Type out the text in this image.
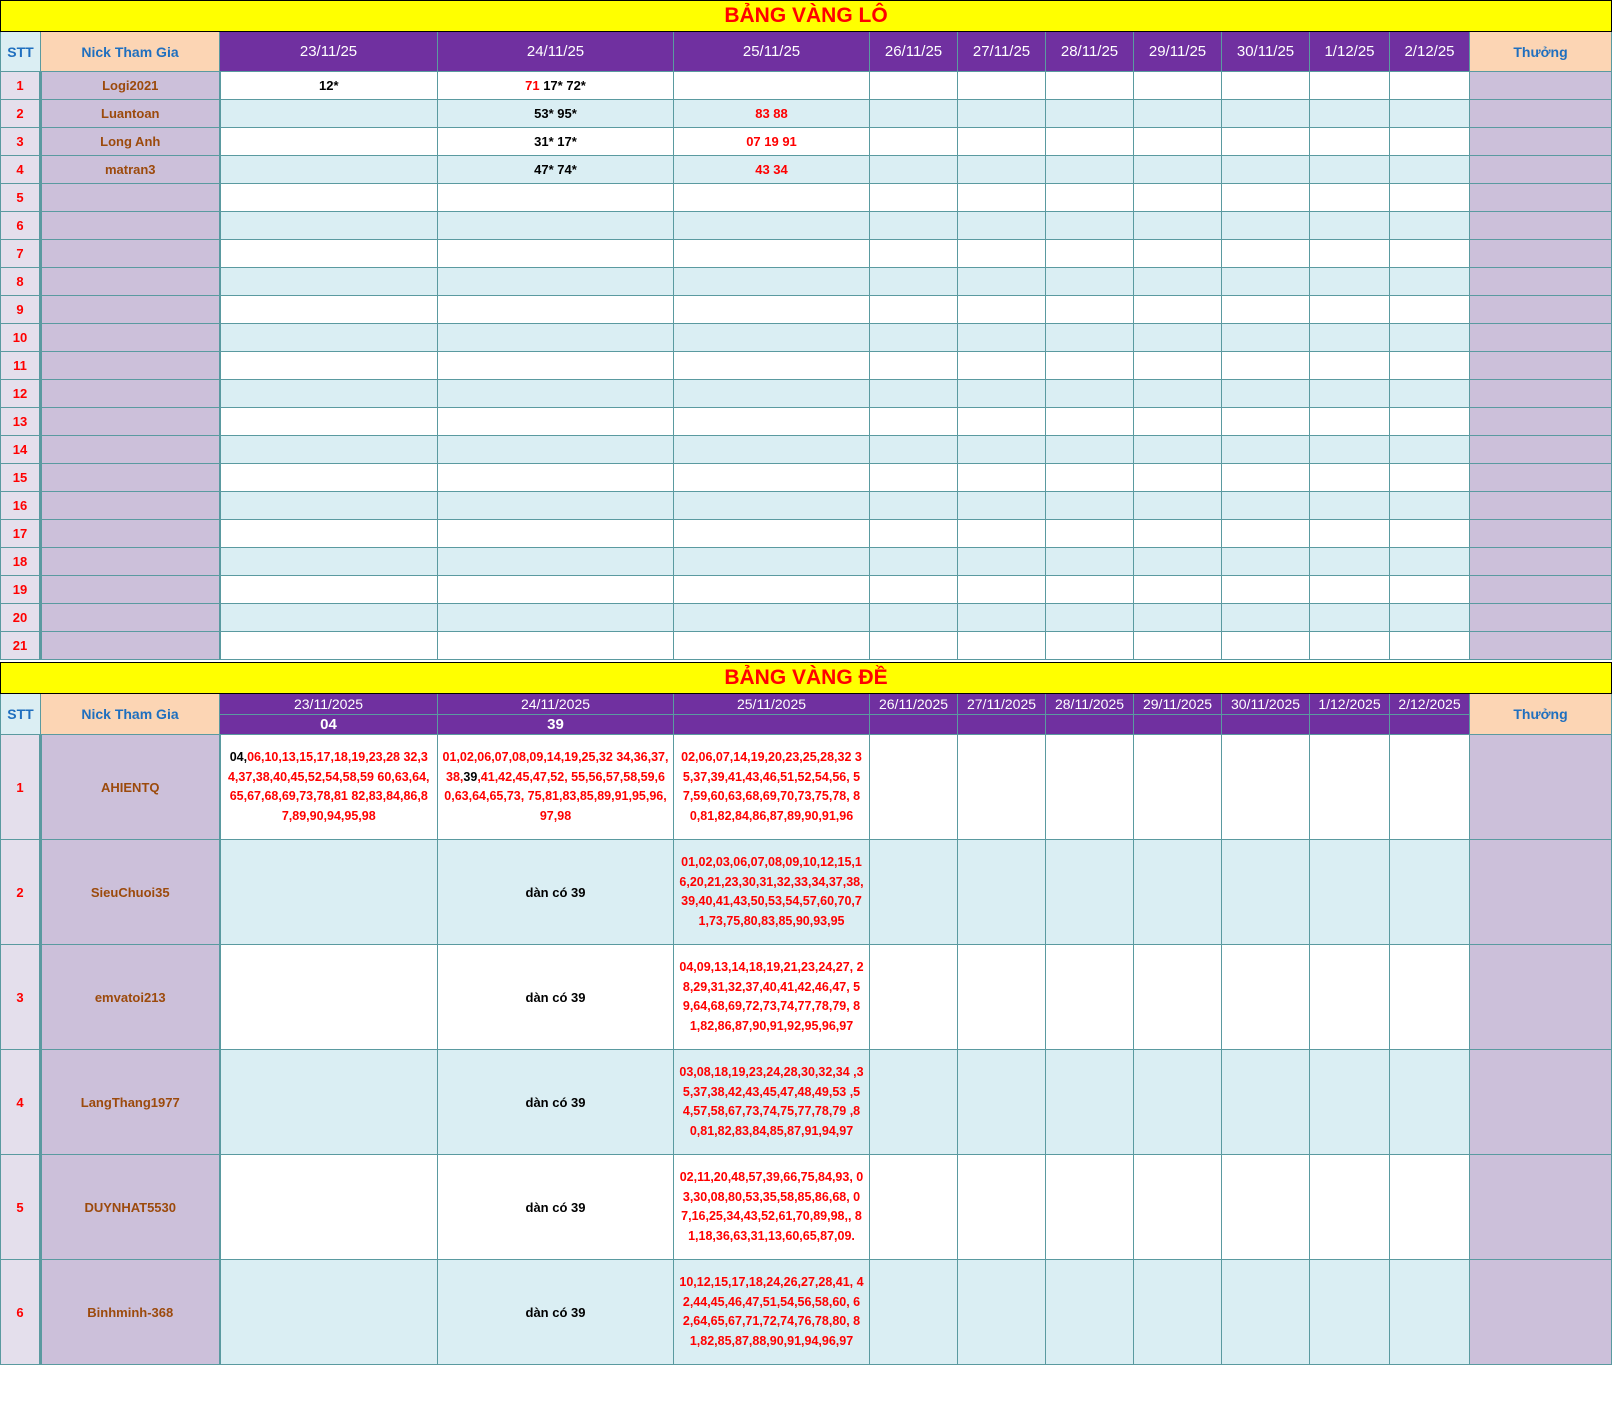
BẢNG VÀNG LÔ												
STT	Nick Tham Gia	23/11/25	24/11/25	25/11/25	26/11/25	27/11/25	28/11/25	29/11/25	30/11/25	1/12/25	2/12/25	Thưởng
1	Logi2021	12*	71 17* 72*									
2	Luantoan		53* 95*	83 88								
3	Long Anh		31* 17*	07 19 91								
4	matran3		47* 74*	43 34								
5												
6												
7												
8												
9												
10												
11												
12												
13												
14												
15												
16												
17												
18												
19												
20												
21												
BẢNG VÀNG ĐỀ												
STT	Nick Tham Gia	23/11/2025	24/11/2025	25/11/2025	26/11/2025	27/11/2025	28/11/2025	29/11/2025	30/11/2025	1/12/2025	2/12/2025	Thưởng
		04	39									
1	AHIENTQ	04,06,10,13,15,17,18,19,23,28 32,34,37,38,40,45,52,54,58,59 60,63,64,65,67,68,69,73,78,81 82,83,84,86,87,89,90,94,95,98	01,02,06,07,08,09,14,19,25,32 34,36,37,38,39,41,42,45,47,52, 55,56,57,58,59,60,63,64,65,73, 75,81,83,85,89,91,95,96,97,98	02,06,07,14,19,20,23,25,28,32 35,37,39,41,43,46,51,52,54,56, 57,59,60,63,68,69,70,73,75,78, 80,81,82,84,86,87,89,90,91,96								

2	SieuChuoi35		dàn có 39	01,02,03,06,07,08,09,10,12,15,16,20,21,23,30,31,32,33,34,37,38,39,40,41,43,50,53,54,57,60,70,71,73,75,80,83,85,90,93,95								

3	emvatoi213		dàn có 39	04,09,13,14,18,19,21,23,24,27, 28,29,31,32,37,40,41,42,46,47, 59,64,68,69,72,73,74,77,78,79, 81,82,86,87,90,91,92,95,96,97								

4	LangThang1977		dàn có 39	03,08,18,19,23,24,28,30,32,34 ,35,37,38,42,43,45,47,48,49,53 ,54,57,58,67,73,74,75,77,78,79 ,80,81,82,83,84,85,87,91,94,97								

5	DUYNHAT5530		dàn có 39	02,11,20,48,57,39,66,75,84,93, 03,30,08,80,53,35,58,85,86,68, 07,16,25,34,43,52,61,70,89,98,, 81,18,36,63,31,13,60,65,87,09.								

6	Binhminh-368		dàn có 39	10,12,15,17,18,24,26,27,28,41, 42,44,45,46,47,51,54,56,58,60, 62,64,65,67,71,72,74,76,78,80, 81,82,85,87,88,90,91,94,96,97								
